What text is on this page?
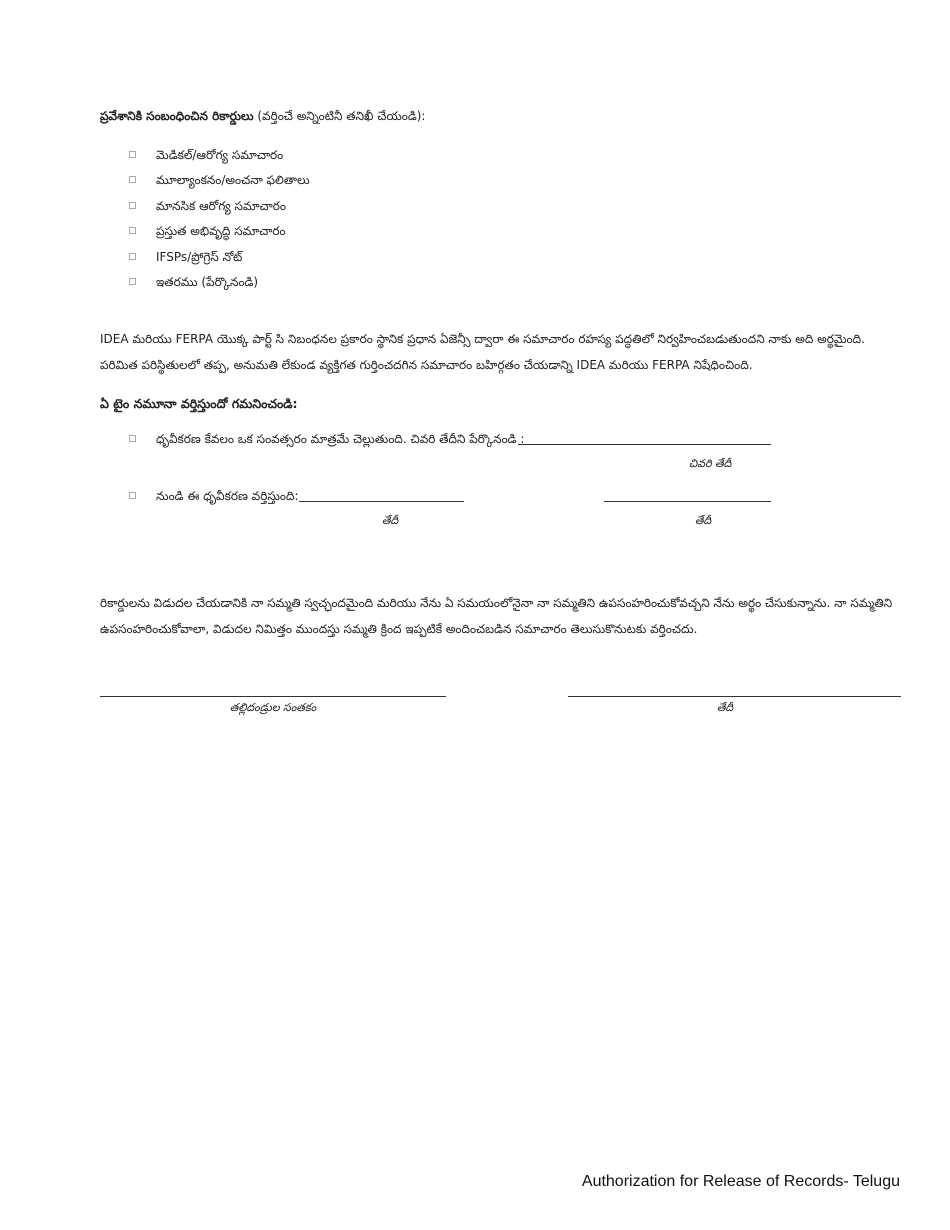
ప్రవేశానికి సంబంధించిన రికార్డులు (వర్తించే అన్నింటినీ తనిఖీ చేయండి):
మెడికల్/ఆరోగ్య సమాచారం
మూల్యాంకనం/అంచనా ఫలితాలు
మానసిక ఆరోగ్య సమాచారం
ప్రస్తుత అభివృద్ధి సమాచారం
IFSPs/ప్రోగ్రెస్ నోట్
ఇతరము (పేర్కొనండి)
IDEA మరియు FERPA యొక్క పార్ట్ సి నిబంధనల ప్రకారం స్థానిక ప్రధాన ఏజెన్సీ ద్వారా ఈ సమాచారం రహస్య పద్ధతిలో నిర్వహించబడుతుందని నాకు అది అర్థమైంది. పరిమిత పరిస్థితులలో తప్ప, అనుమతి లేకుండ వ్యక్తిగత గుర్తించదగిన సమాచారం బహిర్గతం చేయడాన్ని IDEA మరియు FERPA నిషేధించింది.
ఏ టైం నమూనా వర్తిస్తుందో గమనించండి:
ధృవీకరణ కేవలం ఒక సంవత్సరం మాత్రమే చెల్లుతుంది. చివరి తేదీని పేర్కొనండి :
చివరి తేదీ
నుండి ఈ ధృవీకరణ వర్తిస్తుంది:
తేదీ	తేదీ
రికార్డులను విడుదల చేయడానికి నా సమ్మతి స్వచ్ఛందమైంది మరియు నేను ఏ సమయంలోనైనా నా సమ్మతిని ఉపసంహరించుకోవచ్చని నేను అర్థం చేసుకున్నాను. నా సమ్మతిని ఉపసంహరించుకోవాలా, విడుదల నిమిత్తం ముందస్తు సమ్మతి క్రింద ఇప్పటికే అందించబడిన సమాచారం తెలుసుకొనుటకు వర్తించదు.
తల్లిదండ్రుల సంతకం	తేదీ
Authorization for Release of Records- Telugu
